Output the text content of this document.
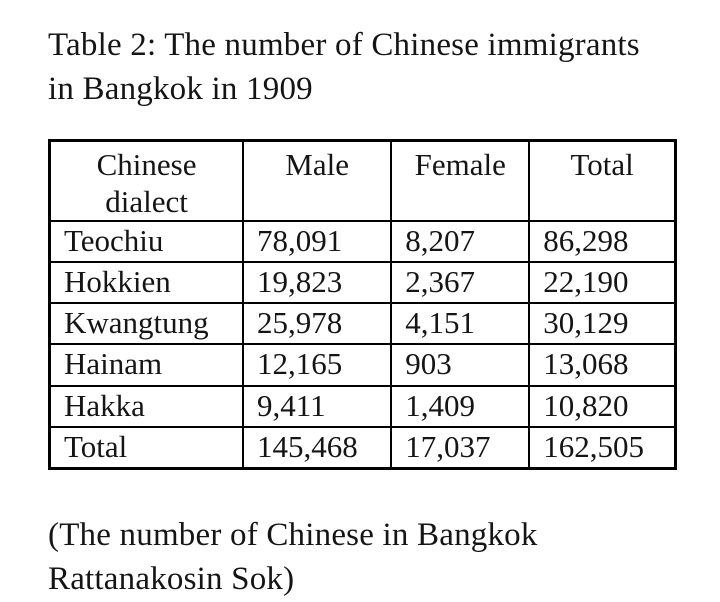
Table 2: The number of Chinese immigrants
in Bangkok in 1909
Chinese dialect	Male	Female	Total
Teochiu	78,091	8,207	86,298
Hokkien	19,823	2,367	22,190
Kwangtung	25,978	4,151	30,129
Hainam	12,165	903	13,068
Hakka	9,411	1,409	10,820
Total	145,468	17,037	162,505
(The number of Chinese in Bangkok
Rattanakosin Sok)
